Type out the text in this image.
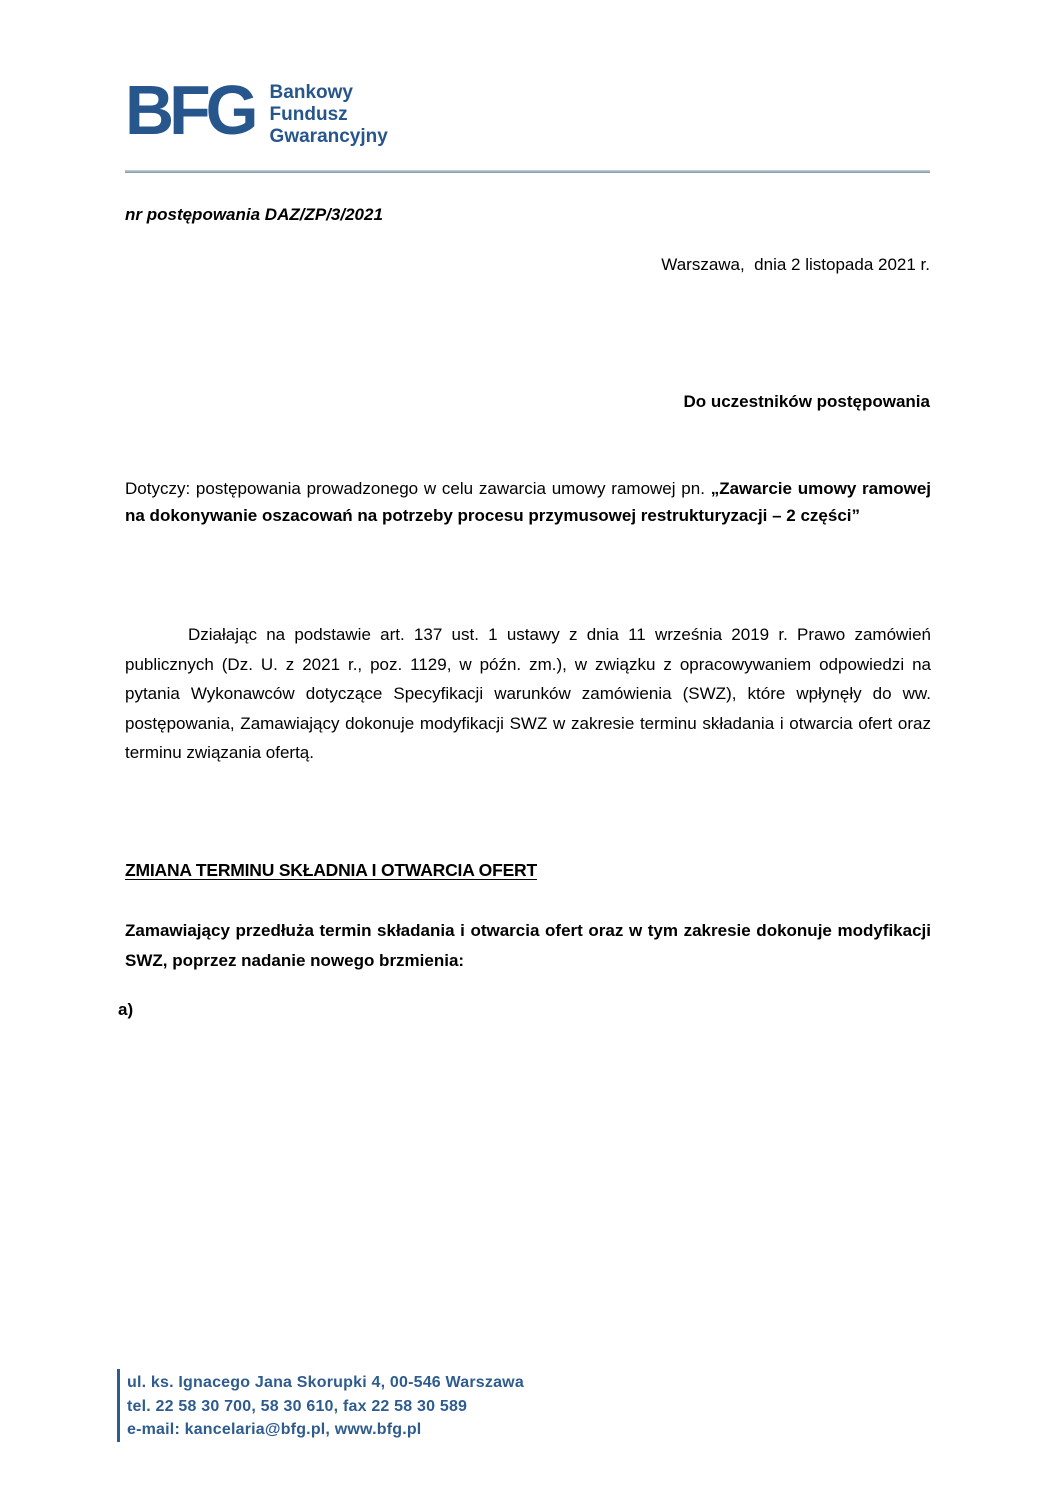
BFG Bankowy
Fundusz
Gwarancyjny
nr postępowania DAZ/ZP/3/2021
Warszawa,  dnia 2 listopada 2021 r.
Do uczestników postępowania

Dotyczy: postępowania prowadzonego w celu zawarcia umowy ramowej pn. „Zawarcie umowy ramowej na dokonywanie oszacowań na potrzeby procesu przymusowej restrukturyzacji – 2 części”

Działając na podstawie art. 137 ust. 1 ustawy z dnia 11 września 2019 r. Prawo zamówień publicznych (Dz. U. z 2021 r., poz. 1129, w późn. zm.), w związku z opracowywaniem odpowiedzi na pytania Wykonawców dotyczące Specyfikacji warunków zamówienia (SWZ), które wpłynęły do ww. postępowania, Zamawiający dokonuje modyfikacji SWZ w zakresie terminu składania i otwarcia ofert oraz terminu związania ofertą.

ZMIANA TERMINU SKŁADNIA I OTWARCIA OFERT

Zamawiający przedłuża termin składania i otwarcia ofert oraz w tym zakresie dokonuje modyfikacji SWZ, poprzez nadanie nowego brzmienia:

a)
ul. ks. Ignacego Jana Skorupki 4, 00-546 Warszawa
tel. 22 58 30 700, 58 30 610, fax 22 58 30 589
e-mail: kancelaria@bfg.pl, www.bfg.pl
